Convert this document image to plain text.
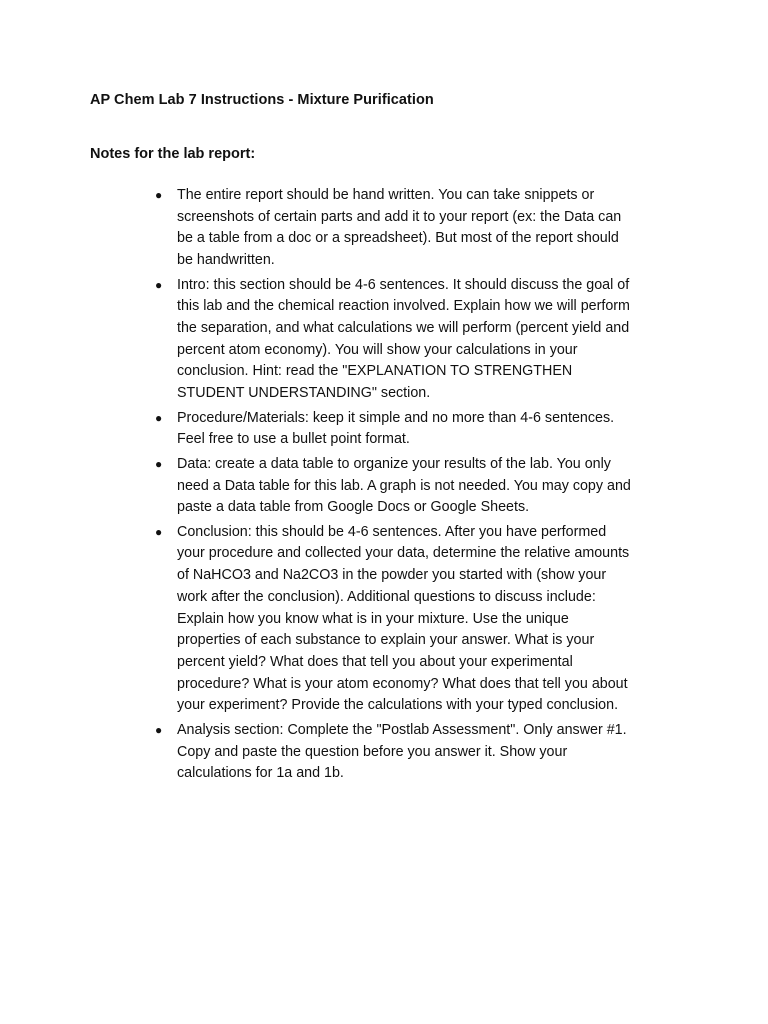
AP Chem Lab 7 Instructions - Mixture Purification
Notes for the lab report:
● The entire report should be hand written. You can take snippets or screenshots of certain parts and add it to your report (ex: the Data can be a table from a doc or a spreadsheet). But most of the report should be handwritten.
● Intro: this section should be 4-6 sentences. It should discuss the goal of this lab and the chemical reaction involved. Explain how we will perform the separation, and what calculations we will perform (percent yield and percent atom economy). You will show your calculations in your conclusion. Hint: read the "EXPLANATION TO STRENGTHEN STUDENT UNDERSTANDING" section.
● Procedure/Materials: keep it simple and no more than 4-6 sentences. Feel free to use a bullet point format.
● Data: create a data table to organize your results of the lab. You only need a Data table for this lab. A graph is not needed. You may copy and paste a data table from Google Docs or Google Sheets.
● Conclusion: this should be 4-6 sentences. After you have performed your procedure and collected your data, determine the relative amounts of NaHCO3 and Na2CO3 in the powder you started with (show your work after the conclusion). Additional questions to discuss include: Explain how you know what is in your mixture. Use the unique properties of each substance to explain your answer. What is your percent yield? What does that tell you about your experimental procedure? What is your atom economy? What does that tell you about your experiment? Provide the calculations with your typed conclusion.
● Analysis section: Complete the "Postlab Assessment". Only answer #1. Copy and paste the question before you answer it. Show your calculations for 1a and 1b.
